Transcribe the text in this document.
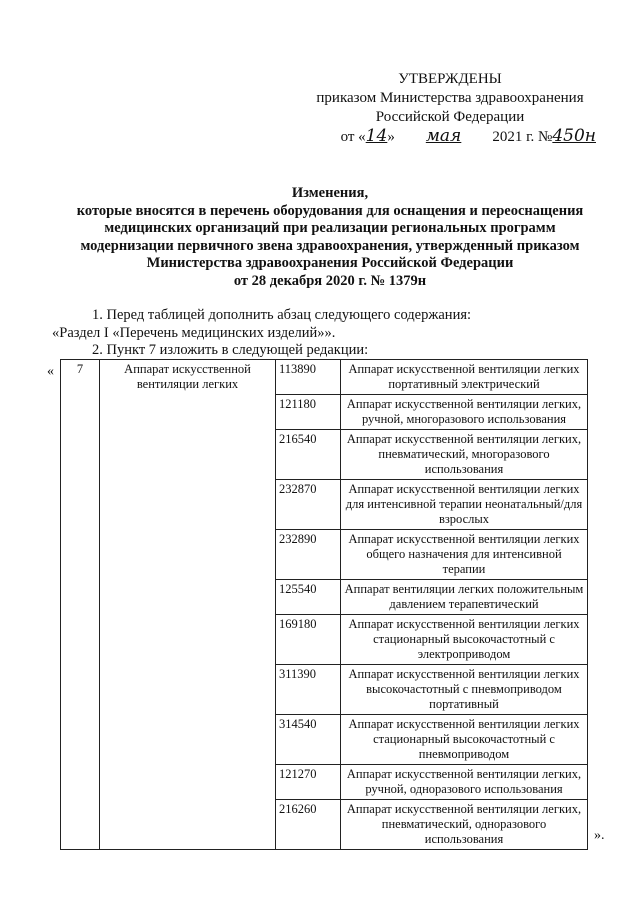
УТВЕРЖДЕНЫ
приказом Министерства здравоохранения
Российской Федерации
от «14» мая 2021 г. №450н
Изменения,
которые вносятся в перечень оборудования для оснащения и переоснащения
медицинских организаций при реализации региональных программ
модернизации первичного звена здравоохранения, утвержденный приказом
Министерства здравоохранения Российской Федерации
от 28 декабря 2020 г. № 1379н
1. Перед таблицей дополнить абзац следующего содержания:
«Раздел I «Перечень медицинских изделий»».
2. Пункт 7 изложить в следующей редакции:
« 7	Аппарат искусственной вентиляции легких	113890	Аппарат искусственной вентиляции легких портативный электрический
		121180	Аппарат искусственной вентиляции легких, ручной, многоразового использования
		216540	Аппарат искусственной вентиляции легких, пневматический, многоразового использования
		232870	Аппарат искусственной вентиляции легких для интенсивной терапии неонатальный/для взрослых
		232890	Аппарат искусственной вентиляции легких общего назначения для интенсивной терапии
		125540	Аппарат вентиляции легких положительным давлением терапевтический
		169180	Аппарат искусственной вентиляции легких стационарный высокочастотный с электроприводом
		311390	Аппарат искусственной вентиляции легких высокочастотный с пневмоприводом портативный
		314540	Аппарат искусственной вентиляции легких стационарный высокочастотный с пневмоприводом
		121270	Аппарат искусственной вентиляции легких, ручной, одноразового использования
		216260	Аппарат искусственной вентиляции легких, пневматический, одноразового использования	».
